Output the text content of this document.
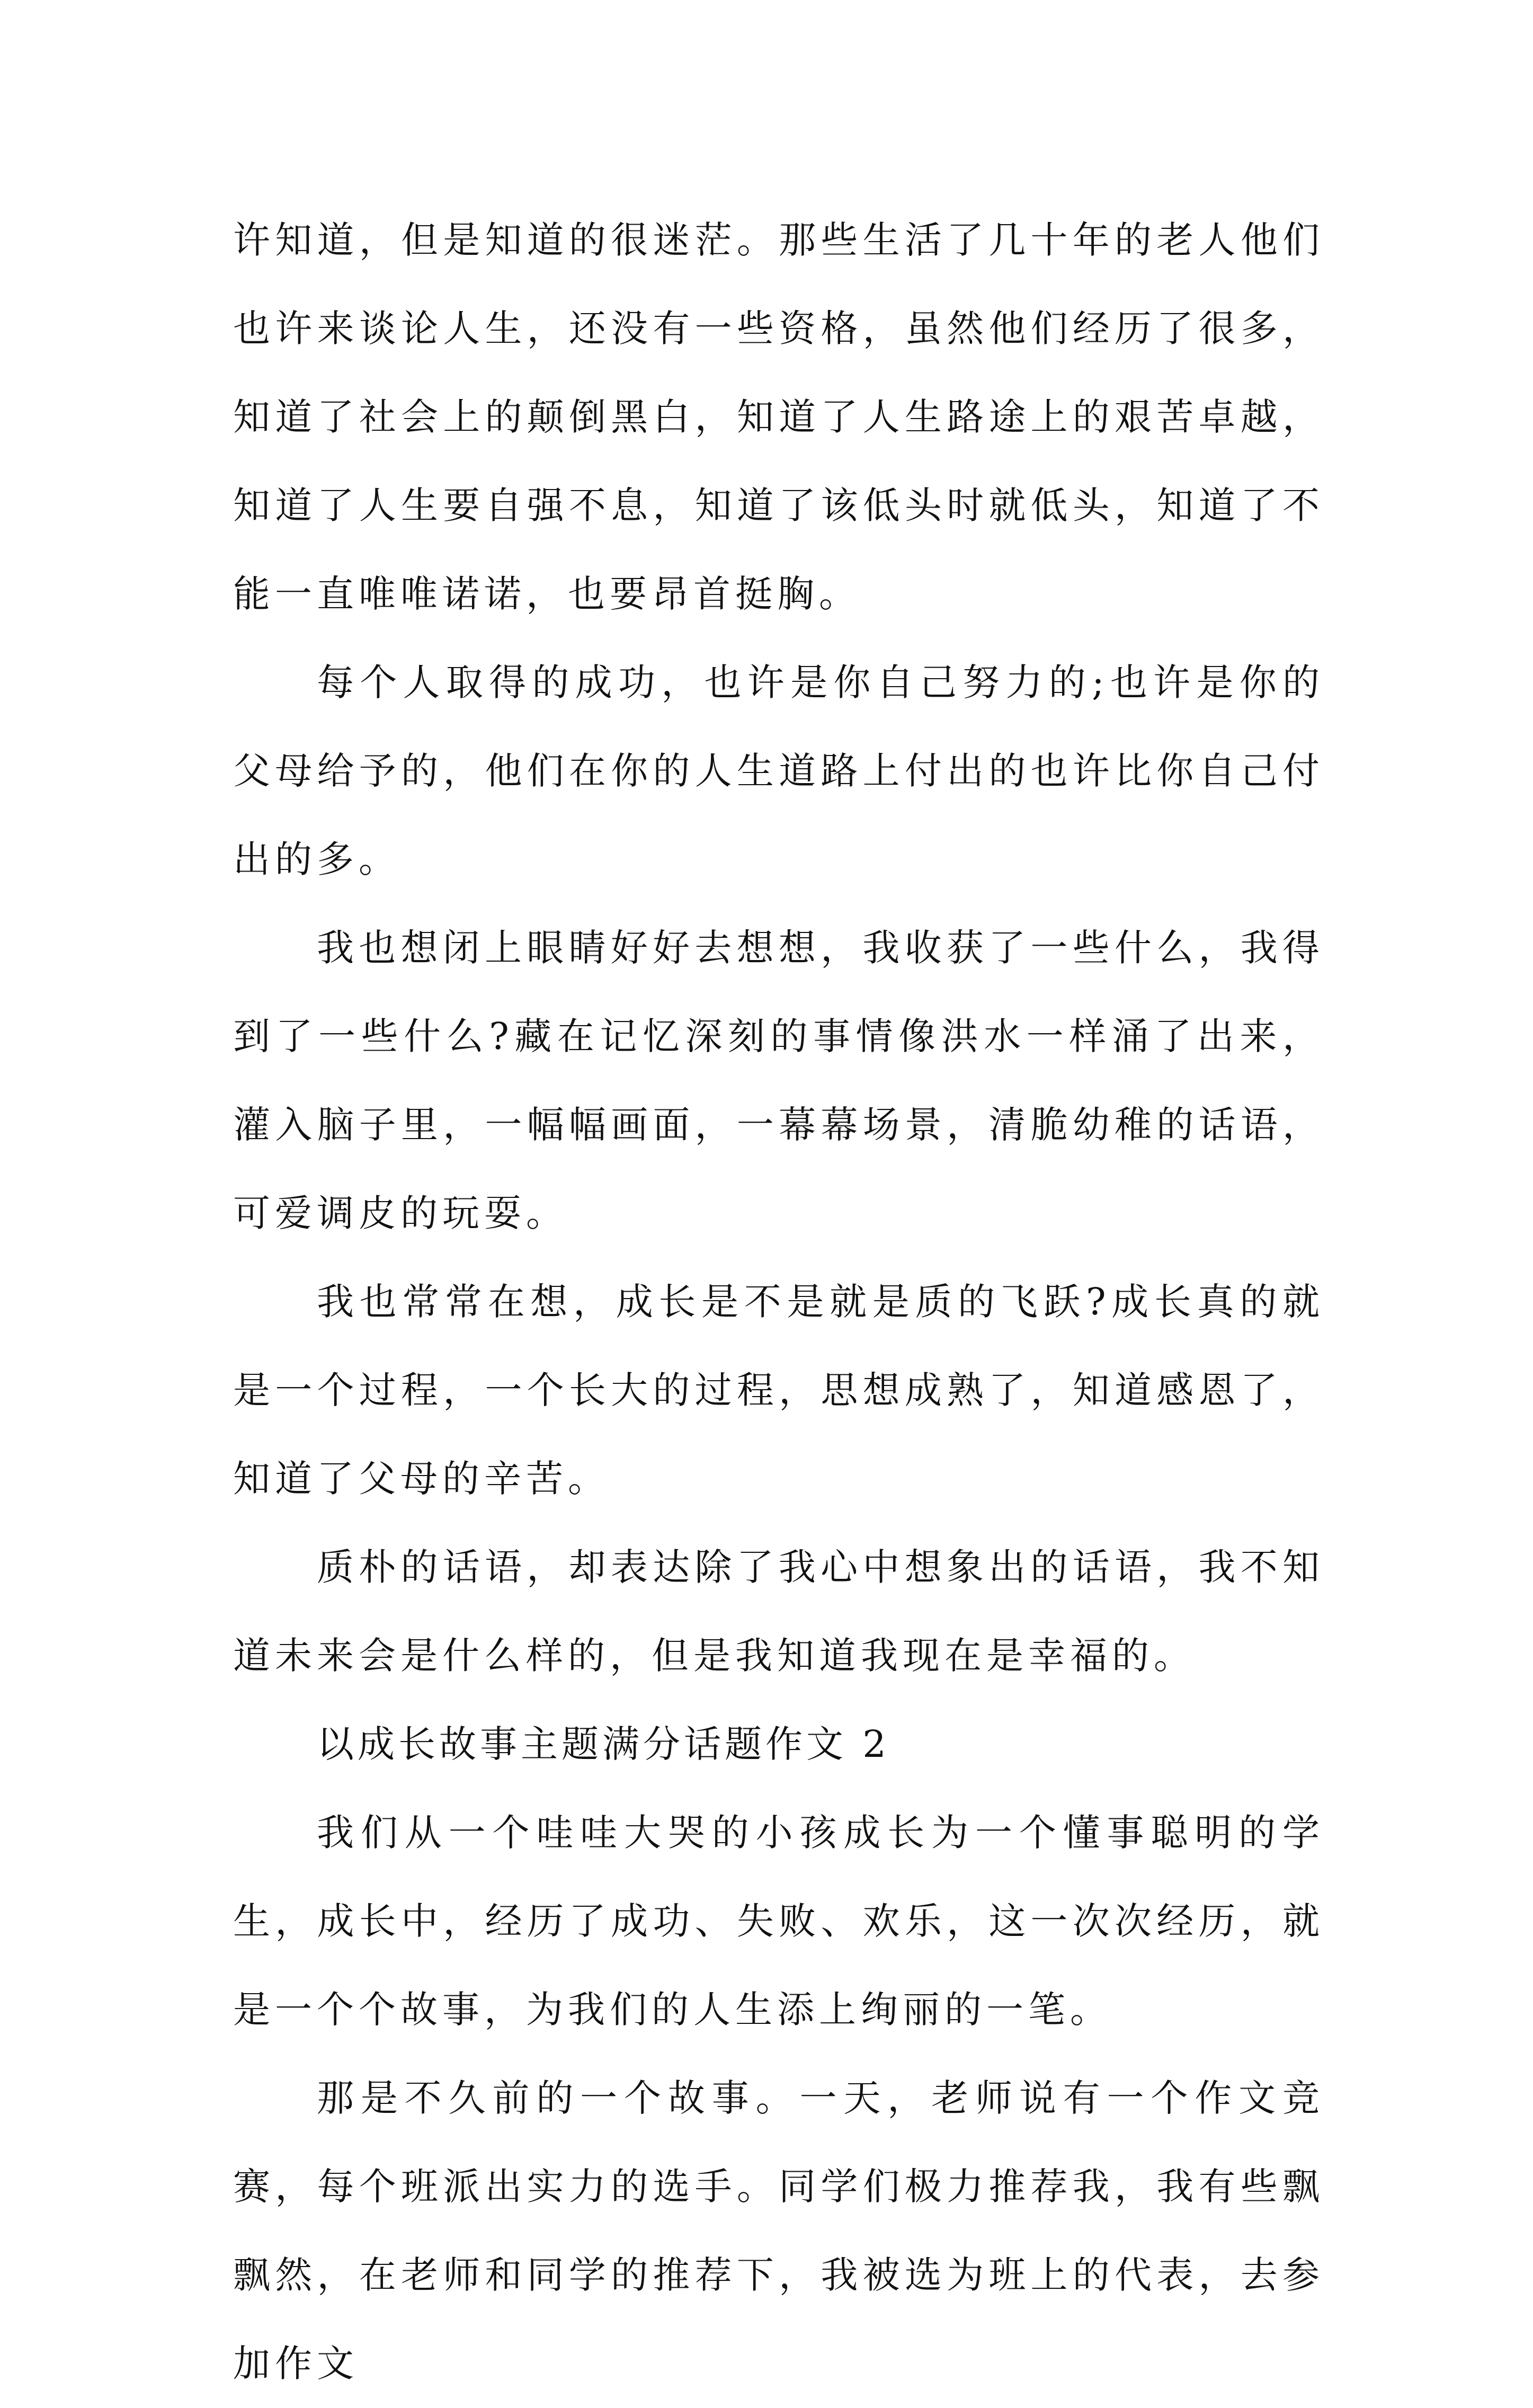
许知道，但是知道的很迷茫。那些生活了几十年的老人他们也许来谈论人生，还没有一些资格，虽然他们经历了很多，知道了社会上的颠倒黑白，知道了人生路途上的艰苦卓越，知道了人生要自强不息，知道了该低头时就低头，知道了不能一直唯唯诺诺，也要昂首挺胸。

每个人取得的成功，也许是你自己努力的;也许是你的父母给予的，他们在你的人生道路上付出的也许比你自己付出的多。

我也想闭上眼睛好好去想想，我收获了一些什么，我得到了一些什么?藏在记忆深刻的事情像洪水一样涌了出来，灌入脑子里，一幅幅画面，一幕幕场景，清脆幼稚的话语，可爱调皮的玩耍。

我也常常在想，成长是不是就是质的飞跃?成长真的就是一个过程，一个长大的过程，思想成熟了，知道感恩了，知道了父母的辛苦。

质朴的话语，却表达除了我心中想象出的话语，我不知道未来会是什么样的，但是我知道我现在是幸福的。

以成长故事主题满分话题作文 2

我们从一个哇哇大哭的小孩成长为一个懂事聪明的学生，成长中，经历了成功、失败、欢乐，这一次次经历，就是一个个故事，为我们的人生添上绚丽的一笔。

那是不久前的一个故事。一天，老师说有一个作文竞赛，每个班派出实力的选手。同学们极力推荐我，我有些飘飘然，在老师和同学的推荐下，我被选为班上的代表，去参加作文
